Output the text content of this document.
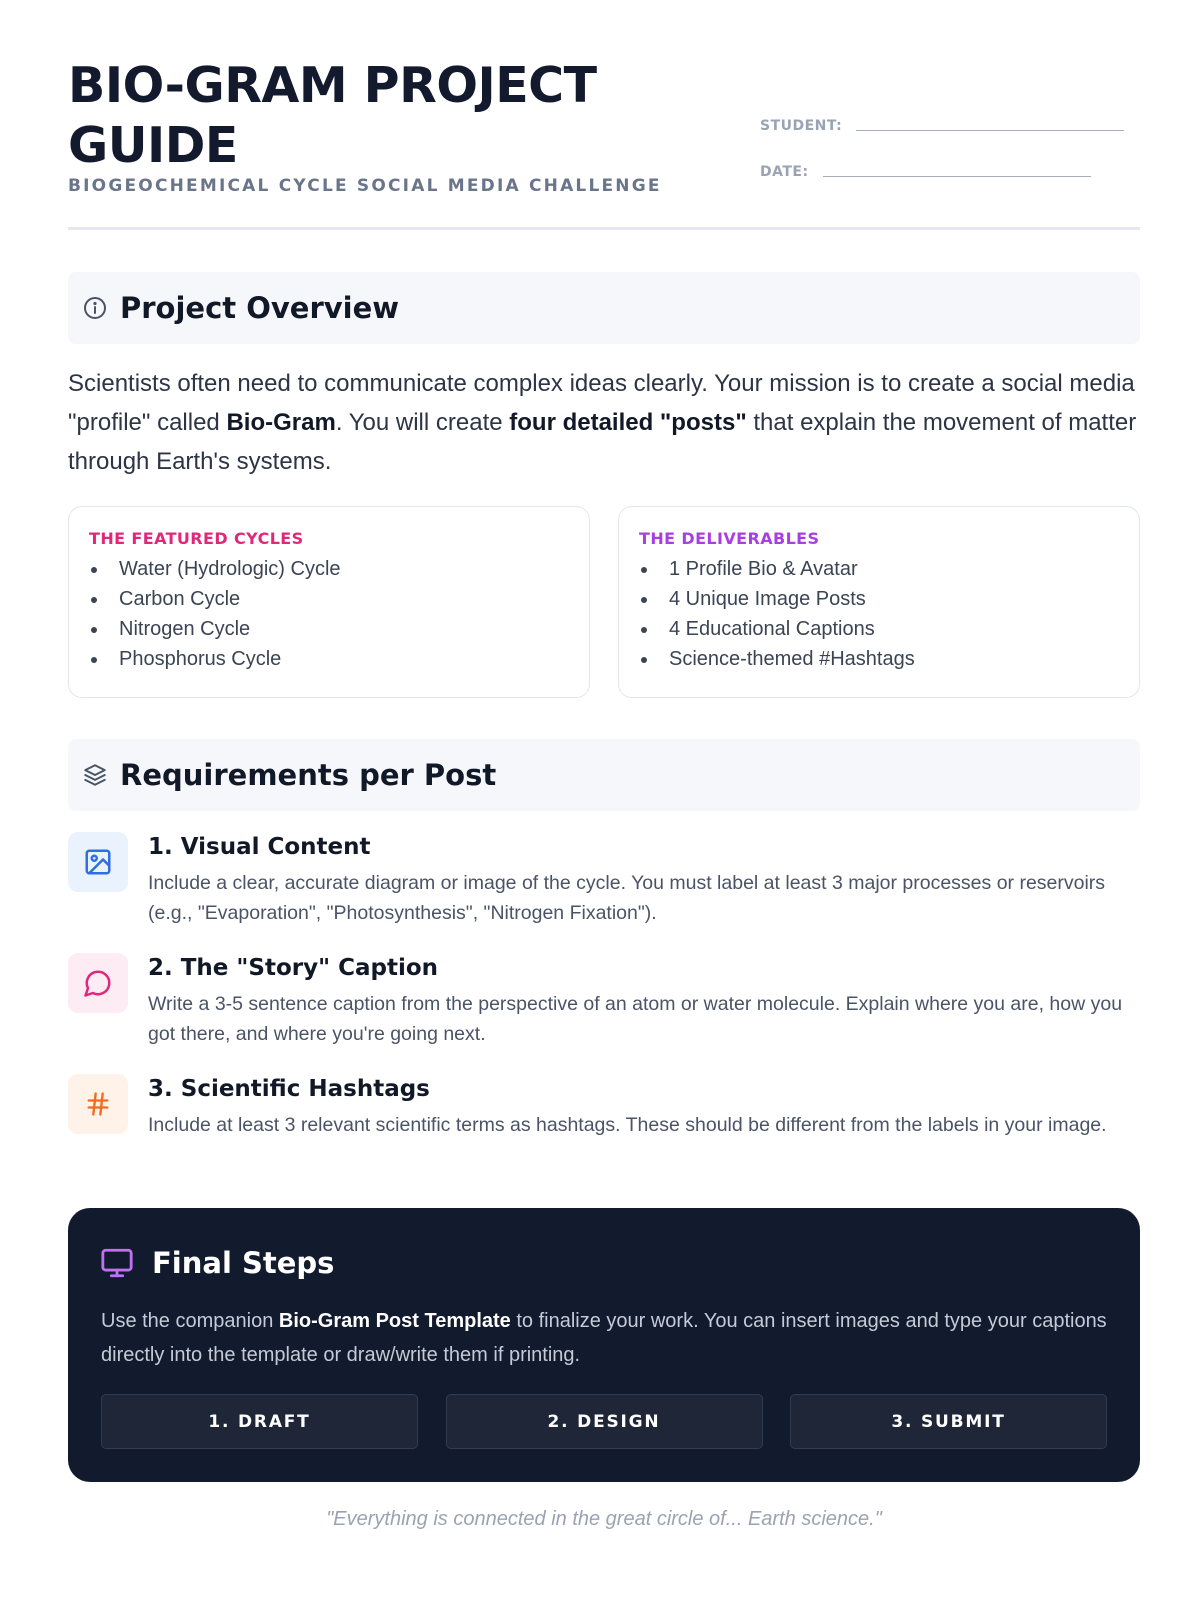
BIO-GRAM PROJECT GUIDE
BIOGEOCHEMICAL CYCLE SOCIAL MEDIA CHALLENGE
STUDENT:
DATE:
Project Overview
Scientists often need to communicate complex ideas clearly. Your mission is to create a social media "profile" called Bio-Gram. You will create four detailed "posts" that explain the movement of matter through Earth's systems.
THE FEATURED CYCLES
Water (Hydrologic) Cycle
Carbon Cycle
Nitrogen Cycle
Phosphorus Cycle
THE DELIVERABLES
1 Profile Bio & Avatar
4 Unique Image Posts
4 Educational Captions
Science-themed #Hashtags
Requirements per Post
1. Visual Content

Include a clear, accurate diagram or image of the cycle. You must label at least 3 major processes or reservoirs (e.g., "Evaporation", "Photosynthesis", "Nitrogen Fixation").

2. The "Story" Caption

Write a 3-5 sentence caption from the perspective of an atom or water molecule. Explain where you are, how you got there, and where you're going next.

3. Scientific Hashtags

Include at least 3 relevant scientific terms as hashtags. These should be different from the labels in your image.

Final Steps

Use the companion Bio-Gram Post Template to finalize your work. You can insert images and type your captions directly into the template or draw/write them if printing.

1. DRAFT	2. DESIGN	3. SUBMIT
"Everything is connected in the great circle of... Earth science."
